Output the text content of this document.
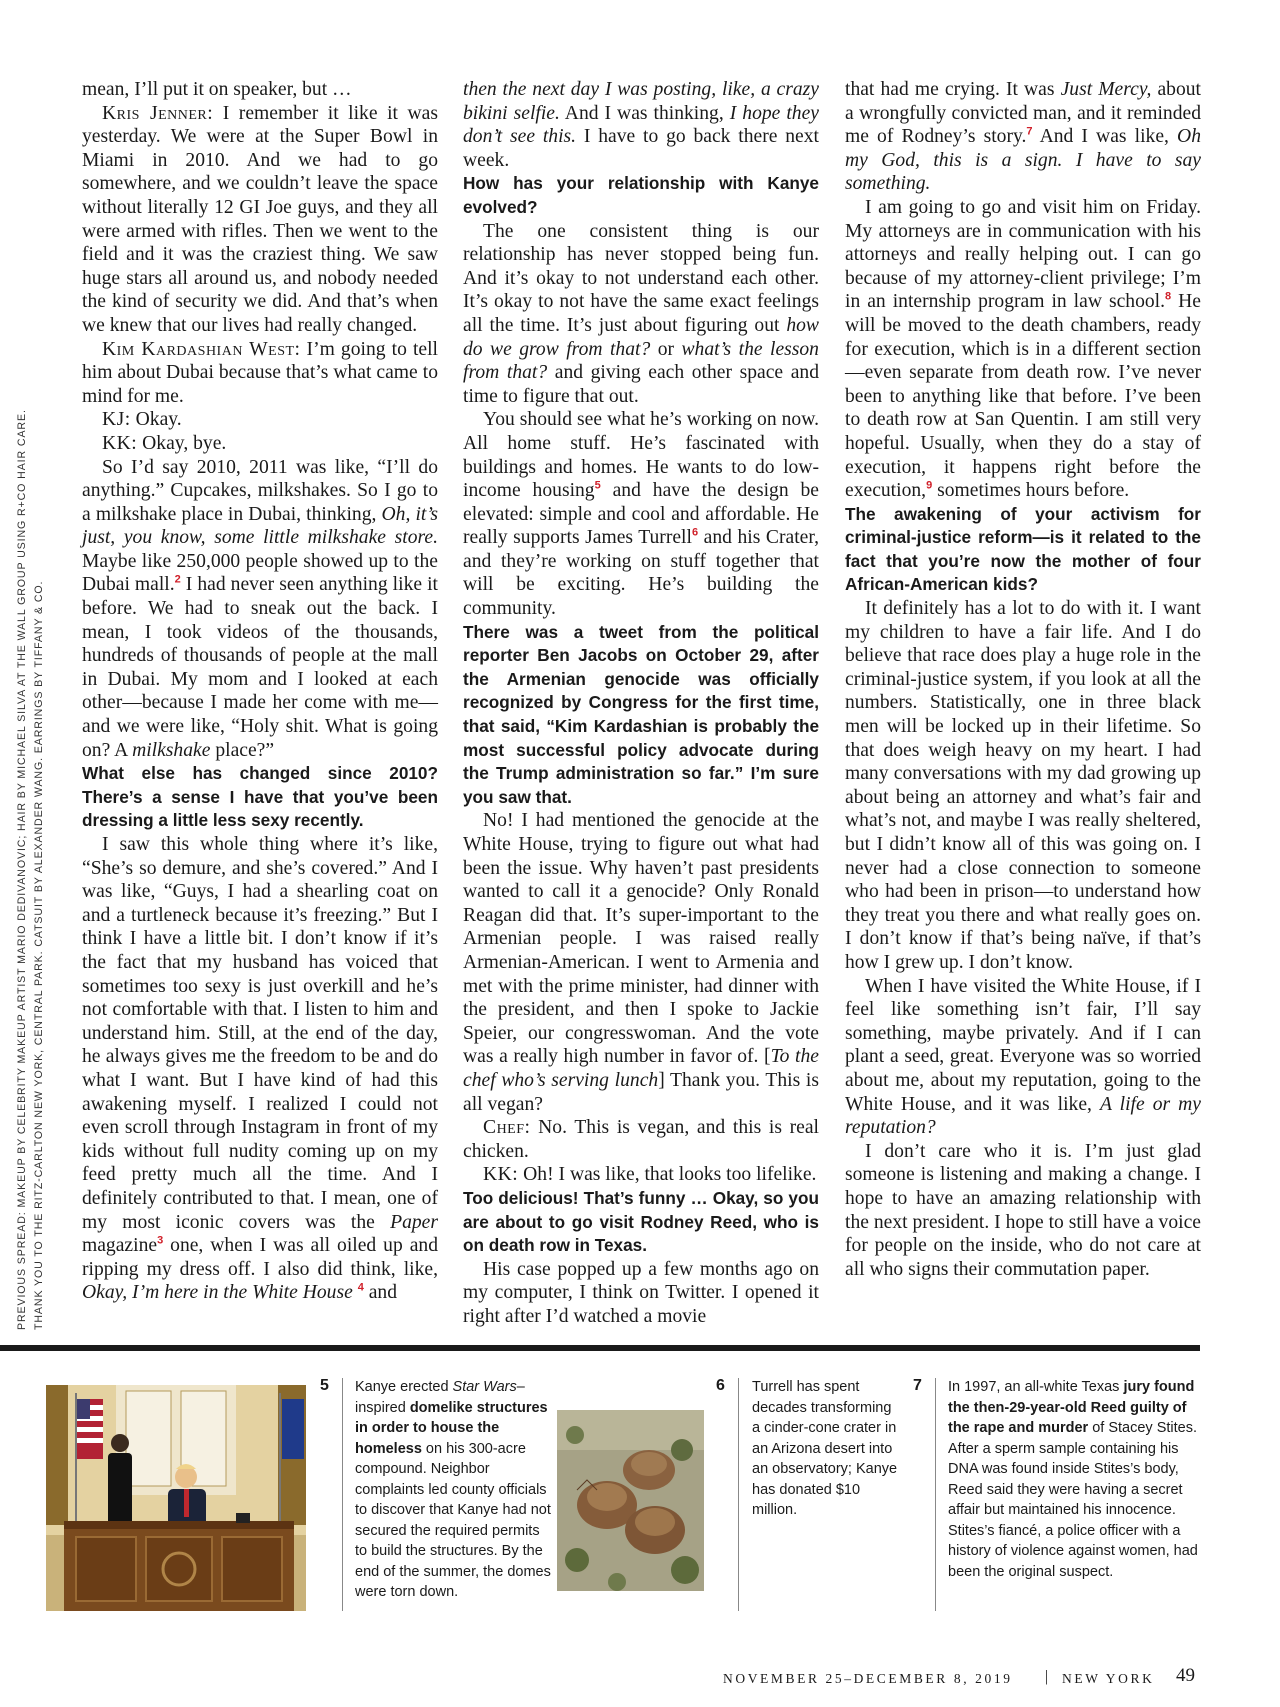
PREVIOUS SPREAD: MAKEUP BY CELEBRITY MAKEUP ARTIST MARIO DEDIVANOVIC; HAIR BY MICHAEL SILVA AT THE WALL GROUP USING R+CO HAIR CARE. THANK YOU TO THE RITZ-CARLTON NEW YORK, CENTRAL PARK. CATSUIT BY ALEXANDER WANG. EARRINGS BY TIFFANY & CO.

mean, I’ll put it on speaker, but …

Kris Jenner: I remember it like it was yesterday. We were at the Super Bowl in Miami in 2010. And we had to go somewhere, and we couldn’t leave the space without literally 12 GI Joe guys, and they all were armed with rifles. Then we went to the field and it was the craziest thing. We saw huge stars all around us, and nobody needed the kind of security we did. And that’s when we knew that our lives had really changed.

Kim Kardashian West: I’m going to tell him about Dubai because that’s what came to mind for me.

KJ: Okay.

KK: Okay, bye.

So I’d say 2010, 2011 was like, “I’ll do anything.” Cupcakes, milkshakes. So I go to a milkshake place in Dubai, thinking, Oh, it’s just, you know, some little milkshake store. Maybe like 250,000 people showed up to the Dubai mall.$^2$ I had never seen anything like it before. We had to sneak out the back. I mean, I took videos of the thousands, hundreds of thousands of people at the mall in Dubai. My mom and I looked at each other—because I made her come with me—and we were like, “Holy shit. What is going on? A milkshake place?”

What else has changed since 2010? There’s a sense I have that you’ve been dressing a little less sexy recently.

I saw this whole thing where it’s like, “She’s so demure, and she’s covered.” And I was like, “Guys, I had a shearling coat on and a turtleneck because it’s freezing.” But I think I have a little bit. I don’t know if it’s the fact that my husband has voiced that sometimes too sexy is just overkill and he’s not comfortable with that. I listen to him and understand him. Still, at the end of the day, he always gives me the freedom to be and do what I want. But I have kind of had this awakening myself. I realized I could not even scroll through Instagram in front of my kids without full nudity coming up on my feed pretty much all the time. And I definitely contributed to that. I mean, one of my most iconic covers was the Paper magazine$^3$ one, when I was all oiled up and ripping my dress off. I also did think, like, Okay, I’m here in the White House $^4$ and

then the next day I was posting, like, a crazy bikini selfie. And I was thinking, I hope they don’t see this. I have to go back there next week.

How has your relationship with Kanye evolved?

The one consistent thing is our relationship has never stopped being fun. And it’s okay to not understand each other. It’s okay to not have the same exact feelings all the time. It’s just about figuring out how do we grow from that? or what’s the lesson from that? and giving each other space and time to figure that out.

You should see what he’s working on now. All home stuff. He’s fascinated with buildings and homes. He wants to do low-income housing$^5$ and have the design be elevated: simple and cool and affordable. He really supports James Turrell$^6$ and his Crater, and they’re working on stuff together that will be exciting. He’s building the community.

There was a tweet from the political reporter Ben Jacobs on October 29, after the Armenian genocide was officially recognized by Congress for the first time, that said, “Kim Kardashian is probably the most successful policy advocate during the Trump administration so far.” I’m sure you saw that.

No! I had mentioned the genocide at the White House, trying to figure out what had been the issue. Why haven’t past presidents wanted to call it a genocide? Only Ronald Reagan did that. It’s super-important to the Armenian people. I was raised really Armenian-American. I went to Armenia and met with the prime minister, had dinner with the president, and then I spoke to Jackie Speier, our congresswoman. And the vote was a really high number in favor of. [To the chef who’s serving lunch] Thank you. This is all vegan?

Chef: No. This is vegan, and this is real chicken.

KK: Oh! I was like, that looks too lifelike.

Too delicious! That’s funny … Okay, so you are about to go visit Rodney Reed, who is on death row in Texas.

His case popped up a few months ago on my computer, I think on Twitter. I opened it right after I’d watched a movie

that had me crying. It was Just Mercy, about a wrongfully convicted man, and it reminded me of Rodney’s story.$^7$ And I was like, Oh my God, this is a sign. I have to say something.

I am going to go and visit him on Friday. My attorneys are in communication with his attorneys and really helping out. I can go because of my attorney-client privilege; I’m in an internship program in law school.$^8$ He will be moved to the death chambers, ready for execution, which is in a different section—even separate from death row. I’ve never been to anything like that before. I’ve been to death row at San Quentin. I am still very hopeful. Usually, when they do a stay of execution, it happens right before the execution,$^9$ sometimes hours before.

The awakening of your activism for criminal-justice reform—is it related to the fact that you’re now the mother of four African-American kids?

It definitely has a lot to do with it. I want my children to have a fair life. And I do believe that race does play a huge role in the criminal-justice system, if you look at all the numbers. Statistically, one in three black men will be locked up in their lifetime. So that does weigh heavy on my heart. I had many conversations with my dad growing up about being an attorney and what’s fair and what’s not, and maybe I was really sheltered, but I didn’t know all of this was going on. I never had a close connection to someone who had been in prison—to understand how they treat you there and what really goes on. I don’t know if that’s being naïve, if that’s how I grew up. I don’t know.

When I have visited the White House, if I feel like something isn’t fair, I’ll say something, maybe privately. And if I can plant a seed, great. Everyone was so worried about me, about my reputation, going to the White House, and it was like, A life or my reputation?

I don’t care who it is. I’m just glad someone is listening and making a change. I hope to have an amazing relationship with the next president. I hope to still have a voice for people on the inside, who do not care at all who signs their commutation paper.

5 Kanye erected Star Wars–inspired domelike structures in order to house the homeless on his 300-acre compound. Neighbor complaints led county officials to discover that Kanye had not secured the required permits to build the structures. By the end of the summer, the domes were torn down.
6 Turrell has spent decades transforming a cinder-cone crater in an Arizona desert into an observatory; Kanye has donated $10 million.
7 In 1997, an all-white Texas jury found the then-29-year-old Reed guilty of the rape and murder of Stacey Stites. After a sperm sample containing his DNA was found inside Stites’s body, Reed said they were having a secret affair but maintained his innocence. Stites’s fiancé, a police officer with a history of violence against women, had been the original suspect.
NOVEMBER 25–DECEMBER 8, 2019 | NEW YORK 49
